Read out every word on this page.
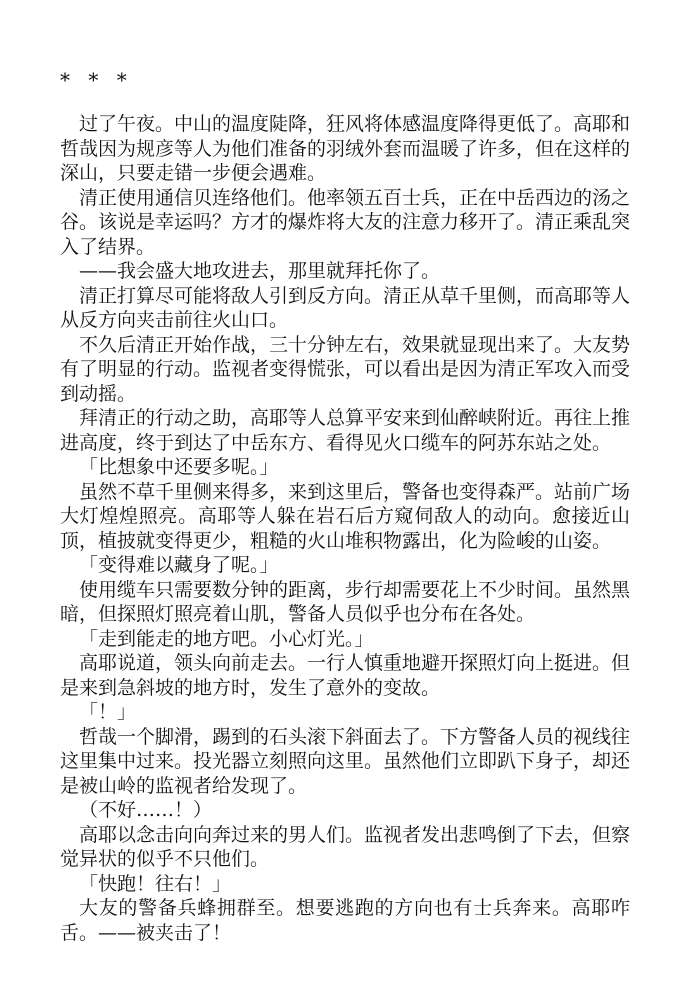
* * *

过了午夜。中山的温度陡降，狂风将体感温度降得更低了。高耶和哲哉因为规彦等人为他们准备的羽绒外套而温暖了许多，但在这样的深山，只要走错一步便会遇难。

清正使用通信贝连络他们。他率领五百士兵，正在中岳西边的汤之谷。该说是幸运吗？方才的爆炸将大友的注意力移开了。清正乘乱突入了结界。

——我会盛大地攻进去，那里就拜托你了。

清正打算尽可能将敌人引到反方向。清正从草千里侧，而高耶等人从反方向夹击前往火山口。

不久后清正开始作战，三十分钟左右，效果就显现出来了。大友势有了明显的行动。监视者变得慌张，可以看出是因为清正军攻入而受到动摇。

拜清正的行动之助，高耶等人总算平安来到仙醉峡附近。再往上推进高度，终于到达了中岳东方、看得见火口缆车的阿苏东站之处。

「比想象中还要多呢。」

虽然不草千里侧来得多，来到这里后，警备也变得森严。站前广场大灯煌煌照亮。高耶等人躲在岩石后方窥伺敌人的动向。愈接近山顶，植披就变得更少，粗糙的火山堆积物露出，化为险峻的山姿。

「变得难以藏身了呢。」

使用缆车只需要数分钟的距离，步行却需要花上不少时间。虽然黑暗，但探照灯照亮着山肌，警备人员似乎也分布在各处。

「走到能走的地方吧。小心灯光。」

高耶说道，领头向前走去。一行人慎重地避开探照灯向上挺进。但是来到急斜坡的地方时，发生了意外的变故。

「！」

哲哉一个脚滑，踢到的石头滚下斜面去了。下方警备人员的视线往这里集中过来。投光器立刻照向这里。虽然他们立即趴下身子，却还是被山岭的监视者给发现了。

（不好……！）

高耶以念击向向奔过来的男人们。监视者发出悲鸣倒了下去，但察觉异状的似乎不只他们。

「快跑！往右！」

大友的警备兵蜂拥群至。想要逃跑的方向也有士兵奔来。高耶咋舌。——被夹击了！
